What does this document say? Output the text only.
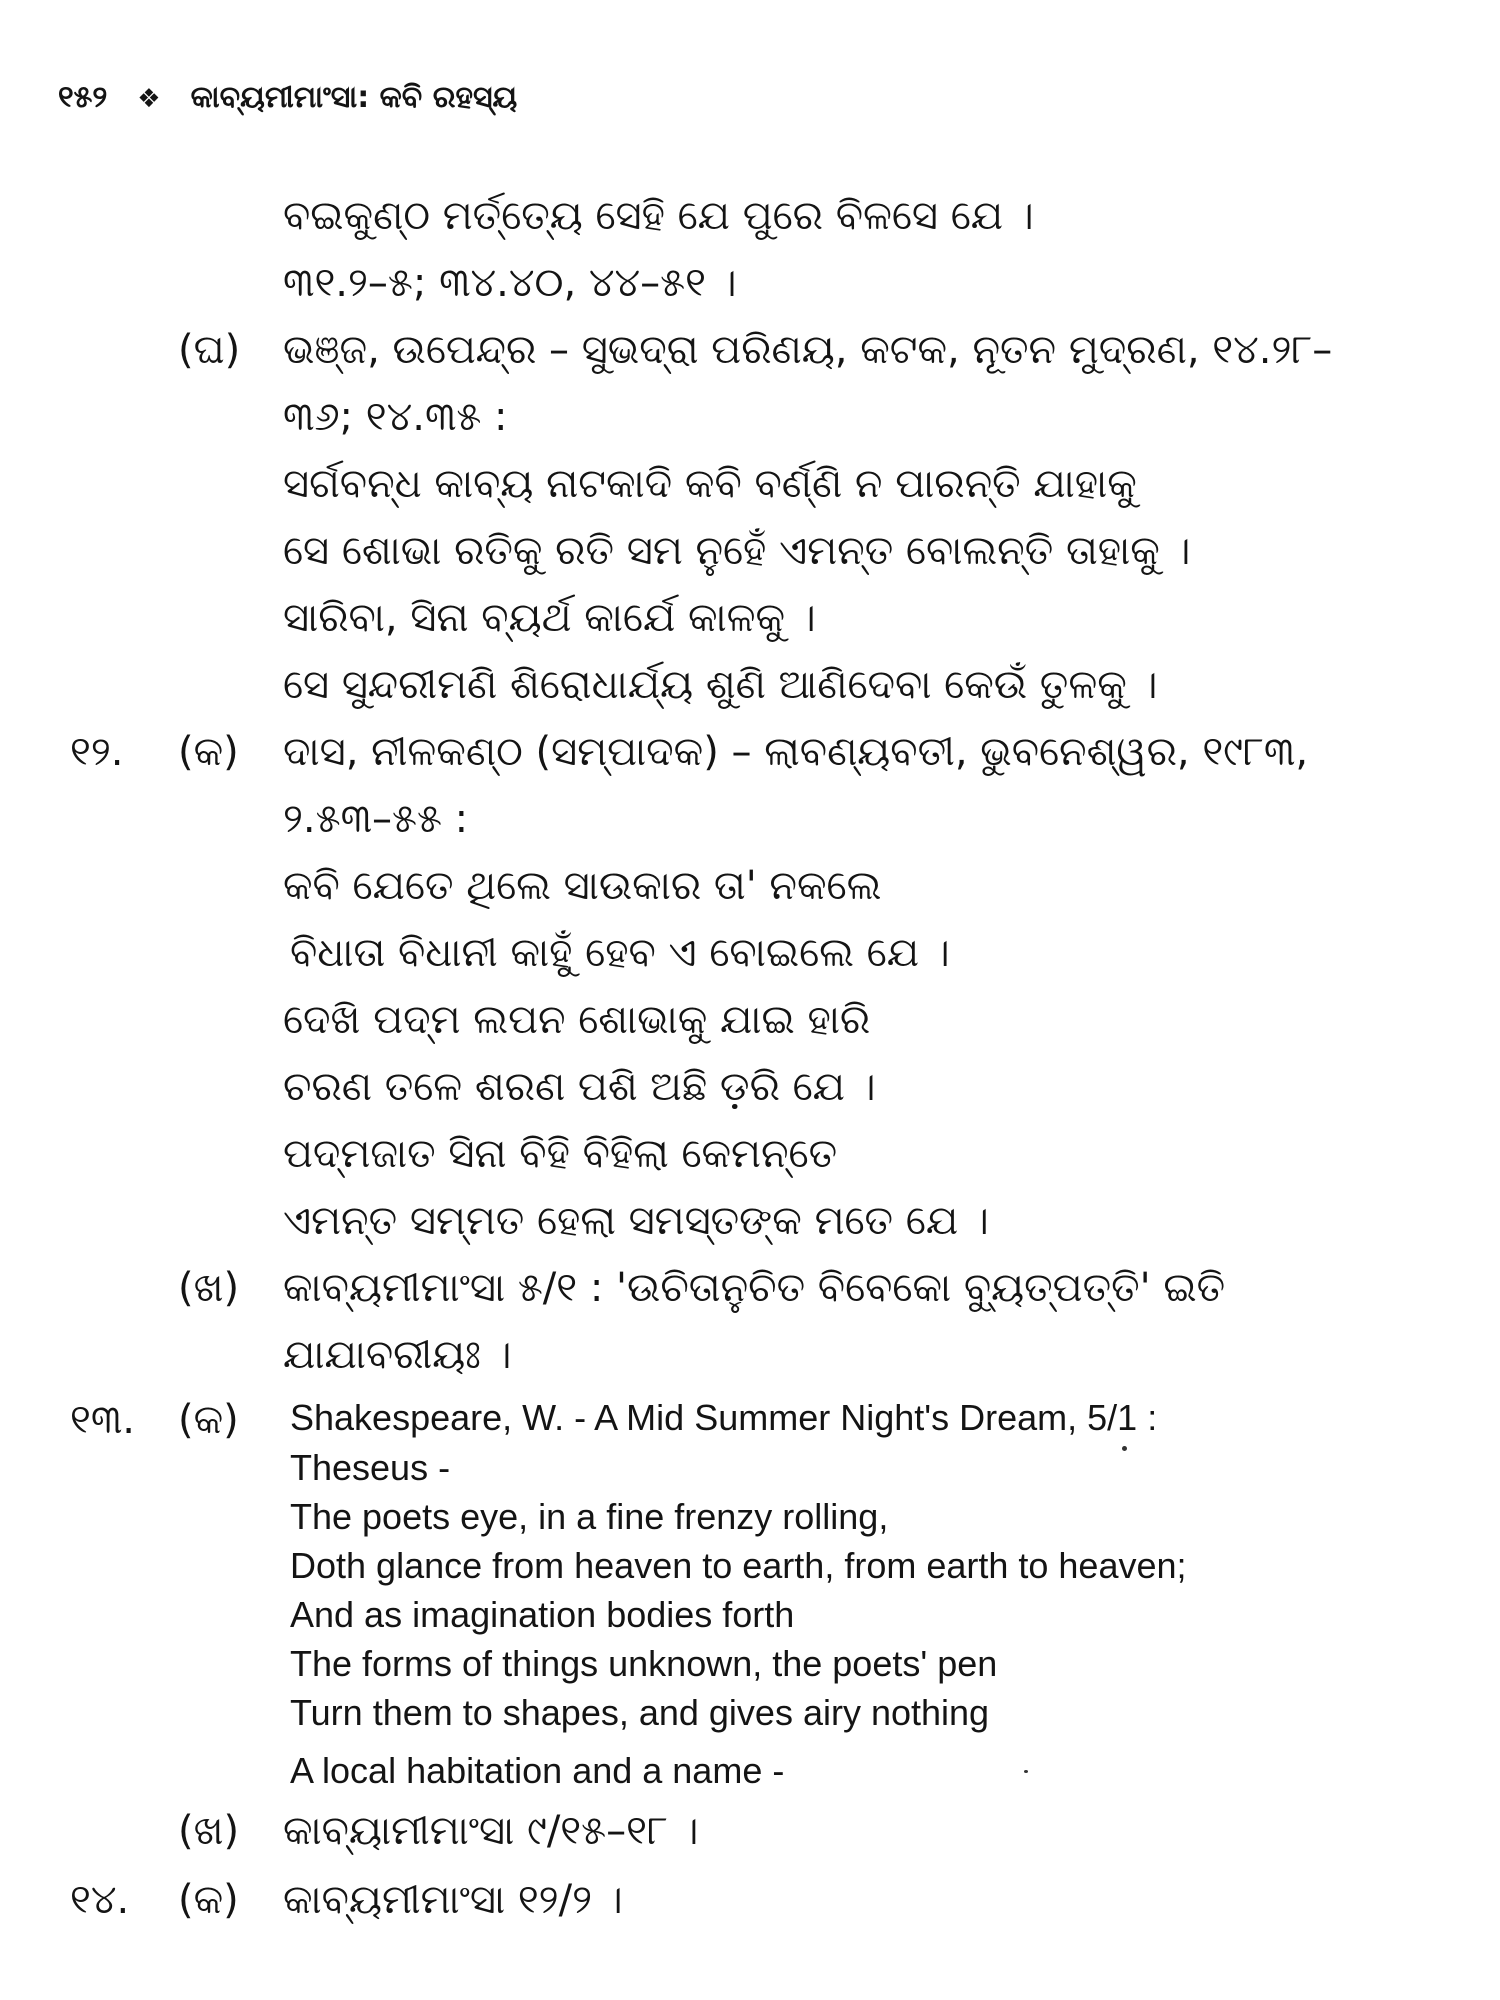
୧୫୨ ❖ କାବ୍ୟମୀମାଂସା: କବି ରହସ୍ୟ
ବଇକୁଣ୍ଠ ମର୍ତ୍ତ୍ୟେ ସେହି ଯେ ପୁରେ ବିଳସେ ଯେ ।
୩୧.୨–୫; ୩୪.୪୦, ୪୪–୫୧ ।
(ଘ) ଭଞ୍ଜ, ଉପେନ୍ଦ୍ର – ସୁଭଦ୍ରା ପରିଣୟ, କଟକ, ନୂତନ ମୁଦ୍ରଣ, ୧୪.୨୮–
୩୬; ୧୪.୩୫ :
ସର୍ଗବନ୍ଧ କାବ୍ୟ ନାଟକାଦି କବି ବର୍ଣ୍ଣି ନ ପାରନ୍ତି ଯାହାକୁ
ସେ ଶୋଭା ରତିକୁ ରତି ସମ ନୁହେଁ ଏମନ୍ତ ବୋଲନ୍ତି ତାହାକୁ ।
ସାରିବା, ସିନା ବ୍ୟର୍ଥ କାର୍ଯେ କାଳକୁ ।
ସେ ସୁନ୍ଦରୀମଣି ଶିରୋଧାର୍ଯ୍ୟ ଶୁଣି ଆଣିଦେବା କେଉଁ ତୁଳକୁ ।
୧୨. (କ) ଦାସ, ନୀଳକଣ୍ଠ (ସମ୍ପାଦକ) – ଲାବଣ୍ୟବତୀ, ଭୁବନେଶ୍ୱର, ୧୯୮୩,
୨.୫୩–୫୫ :
କବି ଯେତେ ଥିଲେ ସାଉକାର ତା' ନକଲେ
ବିଧାତା ବିଧାନୀ କାହୁଁ ହେବ ଏ ବୋଇଲେ ଯେ ।
ଦେଖି ପଦ୍ମ ଲପନ ଶୋଭାକୁ ଯାଇ ହାରି
ଚରଣ ତଳେ ଶରଣ ପଶି ଅଛି ଡ଼ରି ଯେ ।
ପଦ୍ମଜାତ ସିନା ବିହି ବିହିଲା କେମନ୍ତେ
ଏମନ୍ତ ସମ୍ମତ ହେଲା ସମସ୍ତଙ୍କ ମତେ ଯେ ।
(ଖ) କାବ୍ୟମୀମାଂସା ୫/୧ : 'ଉଚିତାନୁଚିତ ବିବେକୋ ବ୍ୟୁତ୍ପତ୍ତି' ଇତି
ଯାଯାବରୀୟଃ ।
୧୩. (କ) Shakespeare, W. - A Mid Summer Night's Dream, 5/1 :
Theseus -
The poets eye, in a fine frenzy rolling,
Doth glance from heaven to earth, from earth to heaven;
And as imagination bodies forth
The forms of things unknown, the poets' pen
Turn them to shapes, and gives airy nothing
A local habitation and a name -
(ଖ) କାବ୍ୟାମୀମାଂସା ୯/୧୫–୧୮ ।
୧୪. (କ) କାବ୍ୟମୀମାଂସା ୧୨/୨ ।
